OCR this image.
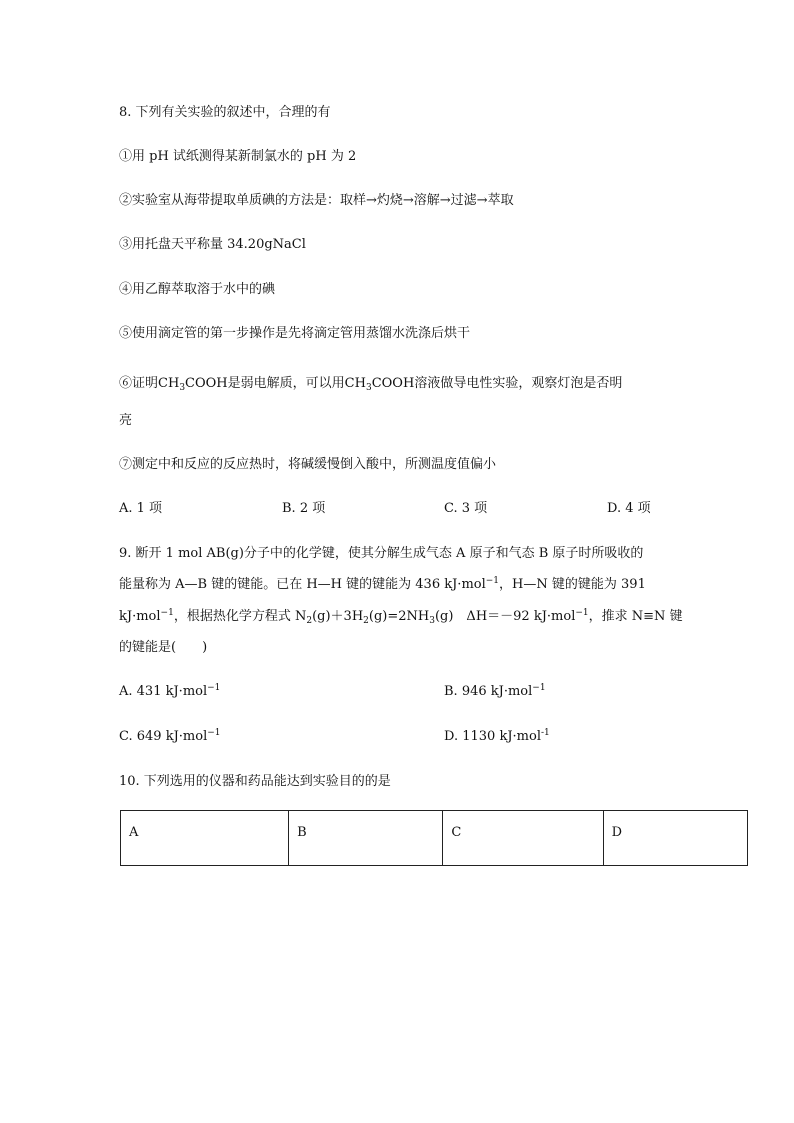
8. 下列有关实验的叙述中，合理的有
①用 pH 试纸测得某新制氯水的 pH 为 2
②实验室从海带提取单质碘的方法是：取样→灼烧→溶解→过滤→萃取
③用托盘天平称量 34.20gNaCl
④用乙醇萃取溶于水中的碘
⑤使用滴定管的第一步操作是先将滴定管用蒸馏水洗涤后烘干
⑥证明$CH_3COOH$是弱电解质，可以用$CH_3COOH$溶液做导电性实验，观察灯泡是否明
亮
⑦测定中和反应的反应热时，将碱缓慢倒入酸中，所测温度值偏小
A. 1 项	B. 2 项	C. 3 项	D. 4 项
9. 断开 1 mol AB(g)分子中的化学键，使其分解生成气态 A 原子和气态 B 原子时所吸收的
能量称为 A—B 键的键能。已在 H—H 键的键能为 436 kJ·mol$^{-1}$，H—N 键的键能为 391
kJ·mol$^{-1}$，根据热化学方程式 $N_2(g)+3H_2(g)=2NH_3(g)$　ΔH＝－92 kJ·mol$^{-1}$，推求 N≡N 键
的键能是(　　)
A. 431 kJ·mol$^{-1}$	B. 946 kJ·mol$^{-1}$
C. 649 kJ·mol$^{-1}$	D. 1130 kJ·mol$^{-1}$
10. 下列选用的仪器和药品能达到实验目的的是
A	B	C	D
